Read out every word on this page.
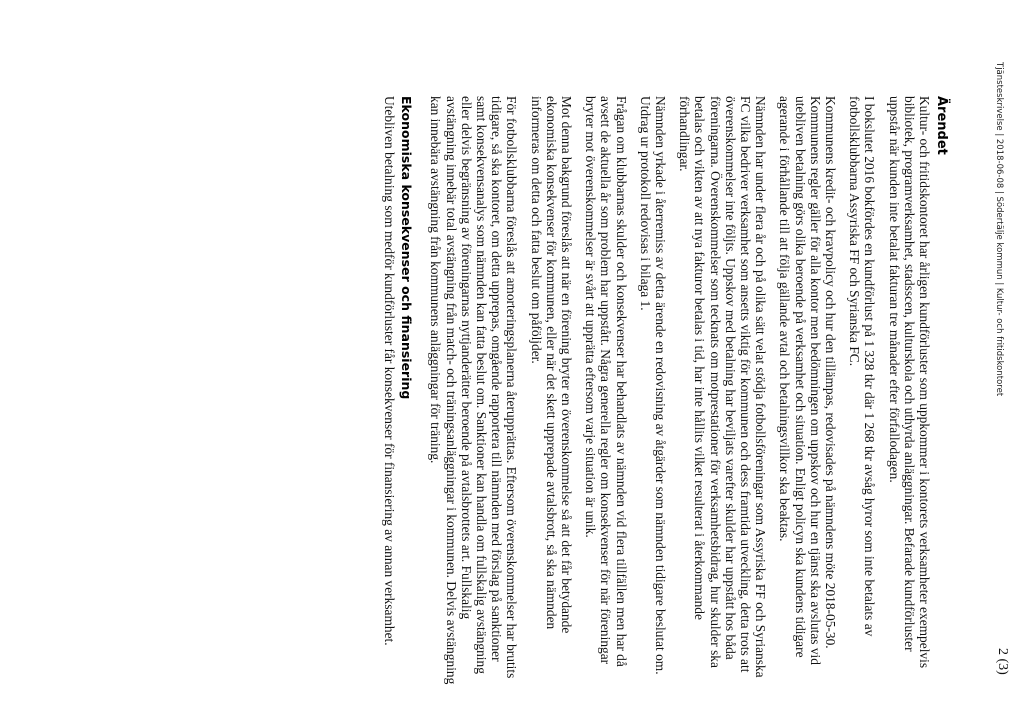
Tjänsteskrivelse | 2018-06-08 | Södertälje kommun | Kultur- och fritidskontoret
2 (3)
Ärendet

Kultur- och fritidskontoret har årligen kundförluster som uppkommer i kontorets verksamheter exempelvis bibliotek, programverksamhet, stadsscen, kulturskola och uthyrda anläggningar. Befarade kundförluster uppstår när kunden inte betalat fakturan tre månader efter förfallodagen.

I bokslutet 2016 bokfördes en kundförlust på 1 328 tkr där 1 268 tkr avsåg hyror som inte betalats av fotbollsklubbarna Assyriska FF och Syrianska FC.

Kommunens kredit- och kravpolicy och hur den tillämpas, redovisades på nämndens möte 2018-05-30. Kommunens regler gäller för alla kontor men bedömningen om uppskov och hur en tjänst ska avslutas vid utebliven betalning görs olika beroende på verksamhet och situation. Enligt policyn ska kundens tidigare agerande i förhållande till att följa gällande avtal och betalningsvillkor ska beaktas.

Nämnden har under flera år och på olika sätt velat stödja fotbollsföreningar som Assyriska FF och Syrianska FC vilka bedriver verksamhet som ansetts viktig för kommunen och dess framtida utveckling, detta trots att överenskommelser inte följts. Uppskov med betalning har beviljats varefter skulder har uppstått hos båda föreningarna. Överenskommelser som tecknats om motprestationer för verksamhetsbidrag, hur skulder ska betalas och vikten av att nya fakturor betalas i tid, har inte hållits vilket resulterat i återkommande förhandlingar.

Nämnden yrkade i återremiss av detta ärende en redovisning av åtgärder som nämnden tidigare beslutat om. Utdrag ur protokoll redovisas i bilaga 1.

Frågan om klubbarnas skulder och konsekvenser har behandlats av nämnden vid flera tillfällen men har då avsett de aktuella år som problem har uppstått. Några generella regler om konsekvenser för när föreningar bryter mot överenskommelser är svårt att upprätta eftersom varje situation är unik.

Mot denna bakgrund föreslås att när en förening bryter en överenskommelse så att det får betydande ekonomiska konsekvenser för kommunen, eller när det skett upprepade avtalsbrott, så ska nämnden informeras om detta och fatta beslut om påföljder.

För fotbollsklubbarna föreslås att amorteringsplanerna återupprättas. Eftersom överenskommelser har brutits tidigare, så ska kontoret, om detta upprepas, omgående rapportera till nämnden med förslag på sanktioner samt konsekvensanalys som nämnden kan fatta beslut om. Sanktioner kan handla om fullskalig avstängning eller delvis begränsning av föreningarnas nyttjanderätter beroende på avtalsbrottets art. Fullskalig avstängning innebär total avstängning från match- och träningsanläggningar i kommunen. Delvis avstängning kan innebära avstängning från kommunens anläggningar för träning.

Ekonomiska konsekvenser och finansiering

Utebliven betalning som medför kundförluster får konsekvenser för finansiering av annan verksamhet.
